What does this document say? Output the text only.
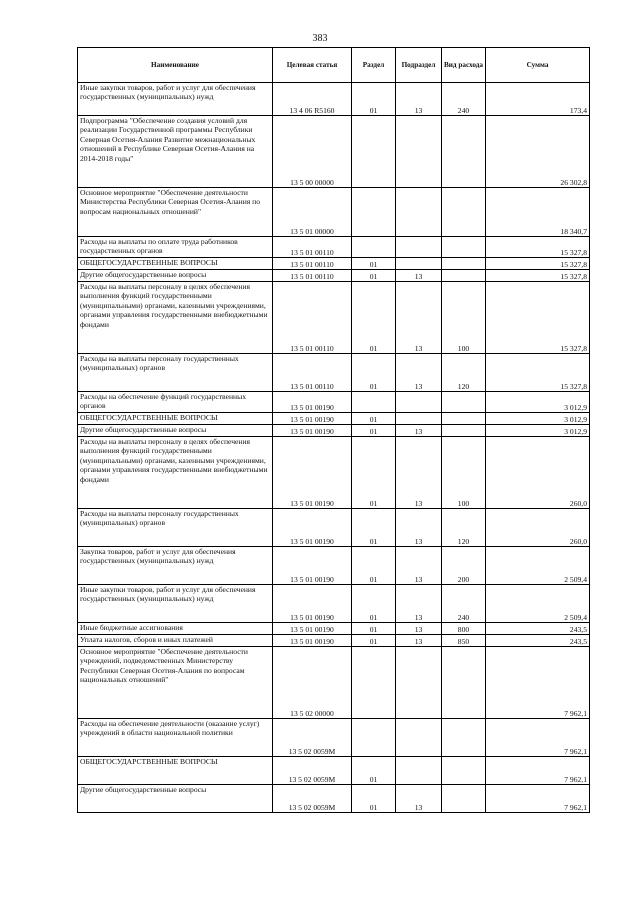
383
Наименование	Целевая статья	Раздел	Подраздел	Вид расхода	Сумма
Иные закупки товаров, работ и услуг для обеспечения государственных (муниципальных) нужд	13 4 06 R5160	01	13	240	173,4
Подпрограмма "Обеспечение создания условий для реализации Государственной программы Республики Северная Осетия-Алания Развитие межнациональных отношений в Республике Северная Осетия-Алания на 2014-2018 годы"	13 5 00 00000				26 302,8
Основное мероприятие "Обеспечение деятельности Министерства Республики Северная Осетия-Алания по вопросам национальных отношений"	13 5 01 00000				18 340,7
Расходы на выплаты по оплате труда работников государственных органов	13 5 01 00110				15 327,8
ОБЩЕГОСУДАРСТВЕННЫЕ ВОПРОСЫ	13 5 01 00110	01			15 327,8
Другие общегосударственные вопросы	13 5 01 00110	01	13		15 327,8
Расходы на выплаты персоналу в целях обеспечения выполнения функций государственными (муниципальными) органами, казенными учреждениями, органами управления государственными внебюджетными фондами	13 5 01 00110	01	13	100	15 327,8
Расходы на выплаты персоналу государственных (муниципальных) органов	13 5 01 00110	01	13	120	15 327,8
Расходы на обеспечение функций государственных органов	13 5 01 00190				3 012,9
ОБЩЕГОСУДАРСТВЕННЫЕ ВОПРОСЫ	13 5 01 00190	01			3 012,9
Другие общегосударственные вопросы	13 5 01 00190	01	13		3 012,9
Расходы на выплаты персоналу в целях обеспечения выполнения функций государственными (муниципальными) органами, казенными учреждениями, органами управления государственными внебюджетными фондами	13 5 01 00190	01	13	100	260,0
Расходы на выплаты персоналу государственных (муниципальных) органов	13 5 01 00190	01	13	120	260,0
Закупка товаров, работ и услуг для обеспечения государственных (муниципальных) нужд	13 5 01 00190	01	13	200	2 509,4
Иные закупки товаров, работ и услуг для обеспечения государственных (муниципальных) нужд	13 5 01 00190	01	13	240	2 509,4
Иные бюджетные ассигнования	13 5 01 00190	01	13	800	243,5
Уплата налогов, сборов и иных платежей	13 5 01 00190	01	13	850	243,5
Основное мероприятие "Обеспечение деятельности учреждений, подведомственных Министерству Республики Северная Осетия-Алания по вопросам национальных отношений"	13 5 02 00000				7 962,1
Расходы на обеспечение деятельности (оказание услуг) учреждений в области национальной политики	13 5 02 0059M				7 962,1
ОБЩЕГОСУДАРСТВЕННЫЕ ВОПРОСЫ	13 5 02 0059M	01			7 962,1
Другие общегосударственные вопросы	13 5 02 0059M	01	13		7 962,1
